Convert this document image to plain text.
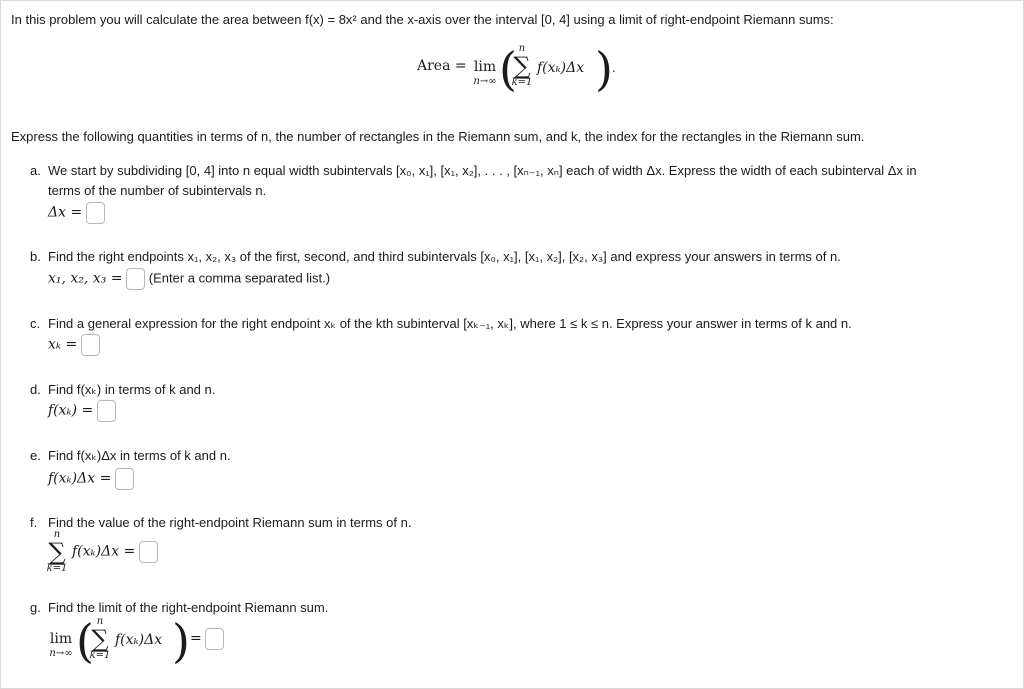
In this problem you will calculate the area between f(x) = 8x² and the x-axis over the interval [0, 4] using a limit of right-endpoint Riemann sums:
Area = lim
n→∞ ( n
∑
k=1
f(xₖ)Δx ) .
Express the following quantities in terms of n, the number of rectangles in the Riemann sum, and k, the index for the rectangles in the Riemann sum.
a. We start by subdividing [0, 4] into n equal width subintervals [x₀, x₁], [x₁, x₂], . . . , [xₙ₋₁, xₙ] each of width Δx. Express the width of each subinterval Δx in
terms of the number of subintervals n.
Δx =
b. Find the right endpoints x₁, x₂, x₃ of the first, second, and third subintervals [x₀, x₁], [x₁, x₂], [x₂, x₃] and express your answers in terms of n.
x₁, x₂, x₃ = (Enter a comma separated list.)
c. Find a general expression for the right endpoint xₖ of the kth subinterval [xₖ₋₁, xₖ], where 1 ≤ k ≤ n. Express your answer in terms of k and n.
xₖ =
d. Find f(xₖ) in terms of k and n.
f(xₖ) =
e. Find f(xₖ)Δx in terms of k and n.
f(xₖ)Δx =
f. Find the value of the right-endpoint Riemann sum in terms of n.
n
∑
k=1
f(xₖ)Δx =
g. Find the limit of the right-endpoint Riemann sum.
lim
n→∞ ( n
∑
k=1
f(xₖ)Δx ) =
